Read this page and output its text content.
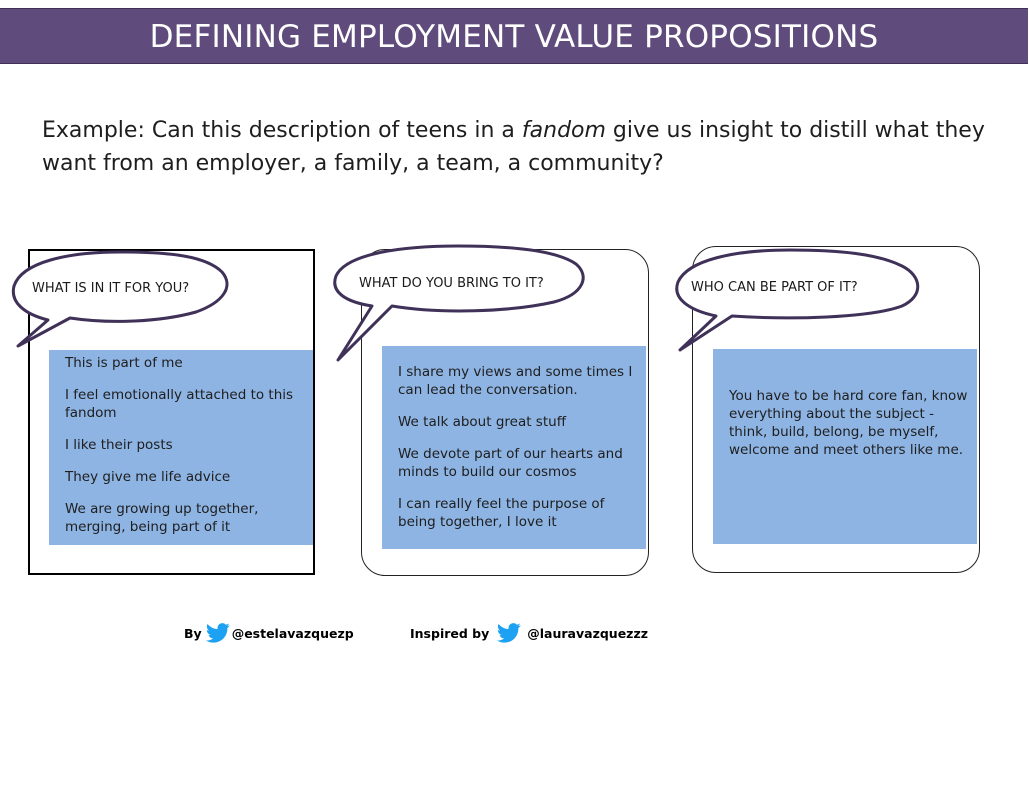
DEFINING EMPLOYMENT VALUE PROPOSITIONS
Example: Can this description of teens in a fandom give us insight to distill what they want from an employer, a family, a team, a community?

This is part of me

I feel emotionally attached to this fandom

I like their posts

They give me life advice

We are growing up together, merging, being part of it

WHAT IS IN IT FOR YOU?

I share my views and some times I can lead the conversation.

We talk about great stuff

We devote part of our hearts and minds to build our cosmos

I can really feel the purpose of being together, I love it

WHAT DO YOU BRING TO IT?

You have to be hard core fan, know everything about the subject - think, build, belong, be myself, welcome and meet others like me.

WHO CAN BE PART OF IT?
By @estelavazquezp	Inspired by	@lauravazquezzz
